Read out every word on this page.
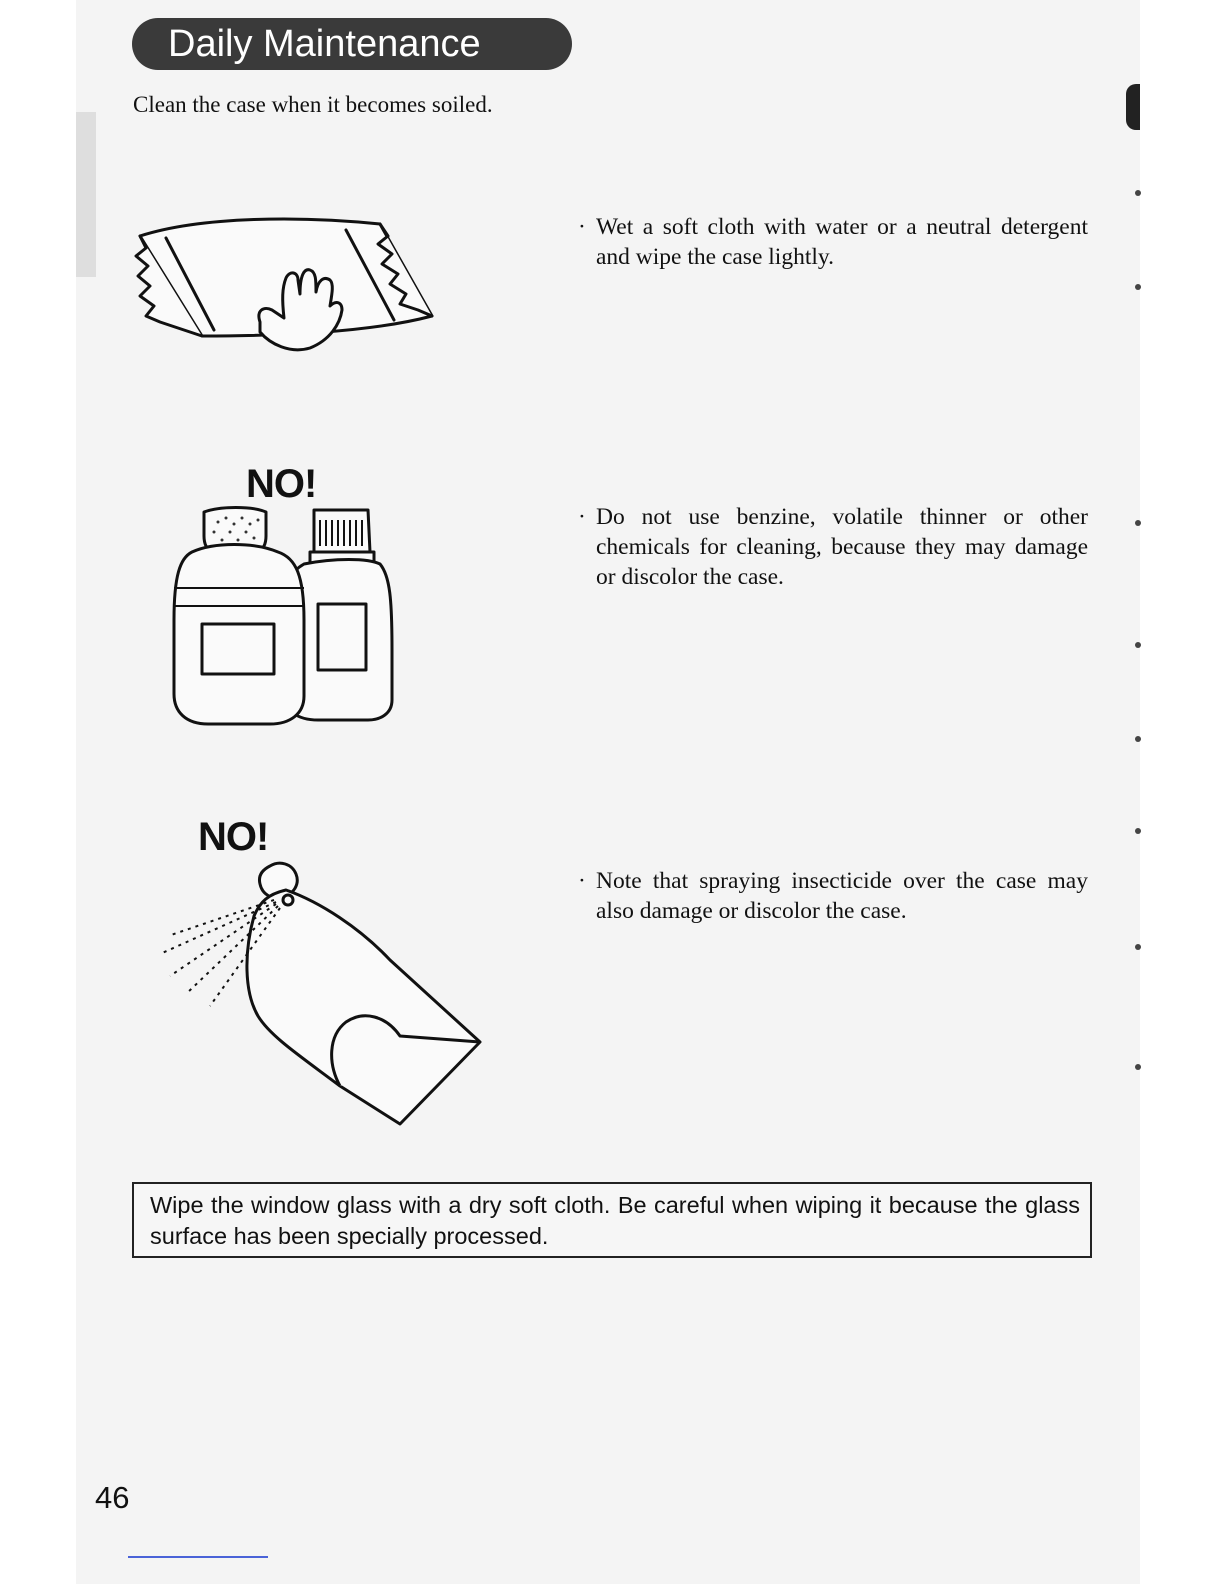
Daily Maintenance
Clean the case when it becomes soiled.
· Wet a soft cloth with water or a neutral detergent and wipe the case lightly.
NO!
· Do not use benzine, volatile thinner or other chemicals for cleaning, because they may damage or discolor the case.
NO!
· Note that spraying insecticide over the case may also damage or discolor the case.
Wipe the window glass with a dry soft cloth. Be careful when wiping it because the glass surface has been specially processed.
46
